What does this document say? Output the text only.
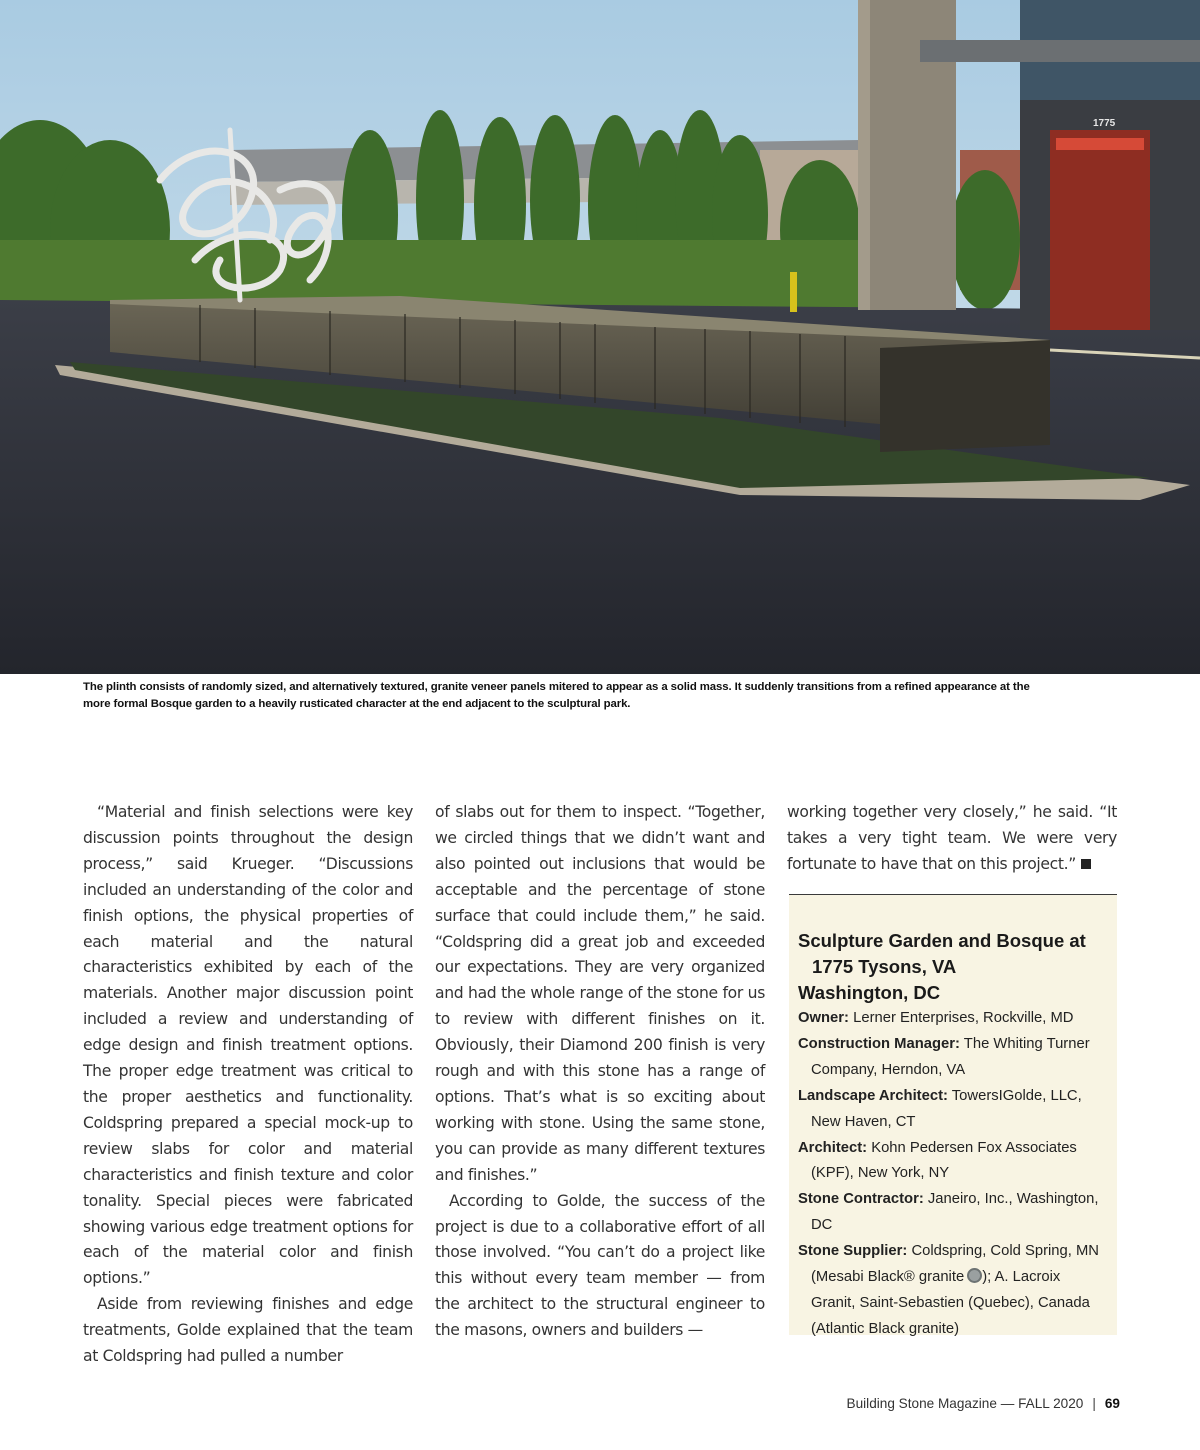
1775
The plinth consists of randomly sized, and alternatively textured, granite veneer panels mitered to appear as a solid mass. It suddenly transitions from a refined appearance at the
more formal Bosque garden to a heavily rusticated character at the end adjacent to the sculptural park.

“Material and finish selections were key discussion points throughout the design process,” said Krueger. “Discussions included an understanding of the color and finish options, the physical properties of each material and the natural characteristics exhibited by each of the materials. Another major discussion point included a review and understanding of edge design and finish treatment options. The proper edge treatment was critical to the proper aesthetics and functionality. Coldspring prepared a special mock-up to review slabs for color and material characteristics and finish texture and color tonality. Special pieces were fabricated showing various edge treatment options for each of the material color and finish options.”

Aside from reviewing finishes and edge treatments, Golde explained that the team at Coldspring had pulled a number

of slabs out for them to inspect. “Together, we circled things that we didn’t want and also pointed out inclusions that would be acceptable and the percentage of stone surface that could include them,” he said. “Coldspring did a great job and exceeded our expectations. They are very organized and had the whole range of the stone for us to review with different finishes on it. Obviously, their Diamond 200 finish is very rough and with this stone has a range of options. That’s what is so exciting about working with stone. Using the same stone, you can provide as many different textures and finishes.”

According to Golde, the success of the project is due to a collaborative effort of all those involved. “You can’t do a project like this without every team member — from the architect to the structural engineer to the masons, owners and builders —

working together very closely,” he said. “It takes a very tight team. We were very fortunate to have that on this project.”

Sculpture Garden and Bosque at 1775 Tysons, VA
Washington, DC
Owner: Lerner Enterprises, Rockville, MD
Construction Manager: The Whiting Turner Company, Herndon, VA
Landscape Architect: TowersIGolde, LLC, New Haven, CT
Architect: Kohn Pedersen Fox Associates (KPF), New York, NY
Stone Contractor: Janeiro, Inc., Washington, DC
Stone Supplier: Coldspring, Cold Spring, MN (Mesabi Black® granite ); A. Lacroix Granit, Saint-Sebastien (Quebec), Canada (Atlantic Black granite)
Building Stone Magazine — FALL 2020 | 69
